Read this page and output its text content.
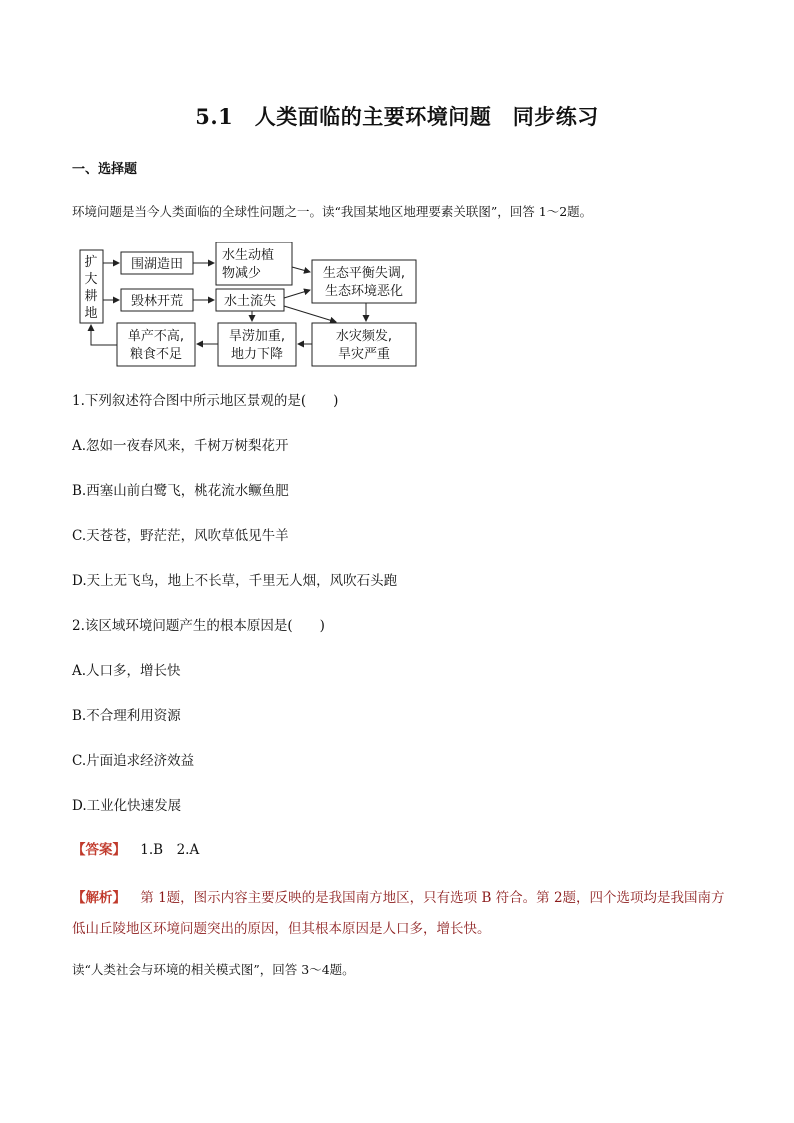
5.1　人类面临的主要环境问题　同步练习
一、选择题
环境问题是当今人类面临的全球性问题之一。读“我国某地区地理要素关联图”，回答 1～2题。
扩
大
耕
地
围湖造田
毁林开荒
水生动植
物减少
水土流失
生态平衡失调,
生态环境恶化
单产不高,
粮食不足
旱涝加重,
地力下降
水灾频发,
旱灾严重
1.下列叙述符合图中所示地区景观的是(　　)
A.忽如一夜春风来，千树万树梨花开
B.西塞山前白鹭飞，桃花流水鳜鱼肥
C.天苍苍，野茫茫，风吹草低见牛羊
D.天上无飞鸟，地上不长草，千里无人烟，风吹石头跑
2.该区域环境问题产生的根本原因是(　　)
A.人口多，增长快
B.不合理利用资源
C.片面追求经济效益
D.工业化快速发展
【答案】 1.B　2.A
【解析】 第 1题，图示内容主要反映的是我国南方地区，只有选项 B 符合。第 2题，四个选项均是我国南方低山丘陵地区环境问题突出的原因，但其根本原因是人口多，增长快。
读“人类社会与环境的相关模式图”，回答 3～4题。
